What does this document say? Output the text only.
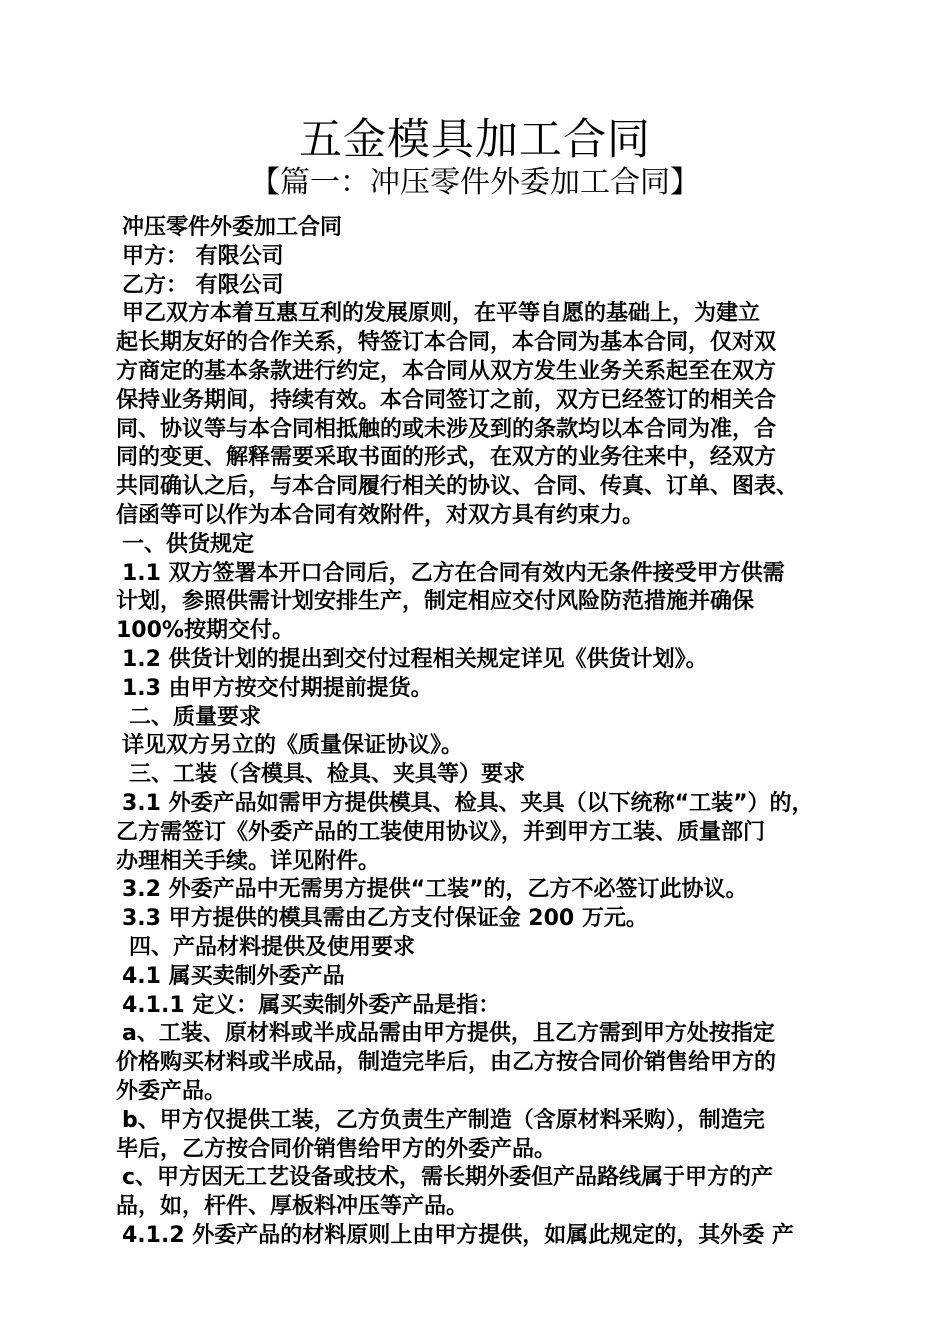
五金模具加工合同
【篇一：冲压零件外委加工合同】

冲压零件外委加工合同

甲方： 有限公司

乙方： 有限公司

甲乙双方本着互惠互利的发展原则，在平等自愿的基础上，为建立

起长期友好的合作关系，特签订本合同，本合同为基本合同，仅对双

方商定的基本条款进行约定，本合同从双方发生业务关系起至在双方

保持业务期间，持续有效。本合同签订之前，双方已经签订的相关合

同、协议等与本合同相抵触的或未涉及到的条款均以本合同为准，合

同的变更、解释需要采取书面的形式，在双方的业务往来中，经双方

共同确认之后，与本合同履行相关的协议、合同、传真、订单、图表、

信函等可以作为本合同有效附件，对双方具有约束力。

一、供货规定

1.1 双方签署本开口合同后，乙方在合同有效内无条件接受甲方供需

计划，参照供需计划安排生产，制定相应交付风险防范措施并确保

100%按期交付。

1.2 供货计划的提出到交付过程相关规定详见《供货计划》。

1.3 由甲方按交付期提前提货。

二、质量要求

详见双方另立的《质量保证协议》。

三、工装（含模具、检具、夹具等）要求

3.1 外委产品如需甲方提供模具、检具、夹具（以下统称“工装”）的，

乙方需签订《外委产品的工装使用协议》，并到甲方工装、质量部门

办理相关手续。详见附件。

3.2 外委产品中无需男方提供“工装”的，乙方不必签订此协议。

3.3 甲方提供的模具需由乙方支付保证金 200 万元。

四、产品材料提供及使用要求

4.1 属买卖制外委产品

4.1.1 定义：属买卖制外委产品是指：

a、工装、原材料或半成品需由甲方提供，且乙方需到甲方处按指定

价格购买材料或半成品，制造完毕后，由乙方按合同价销售给甲方的

外委产品。

b、甲方仅提供工装，乙方负责生产制造（含原材料采购），制造完

毕后，乙方按合同价销售给甲方的外委产品。

c、甲方因无工艺设备或技术，需长期外委但产品路线属于甲方的产

品，如，杆件、厚板料冲压等产品。

4.1.2 外委产品的材料原则上由甲方提供，如属此规定的，其外委 产
